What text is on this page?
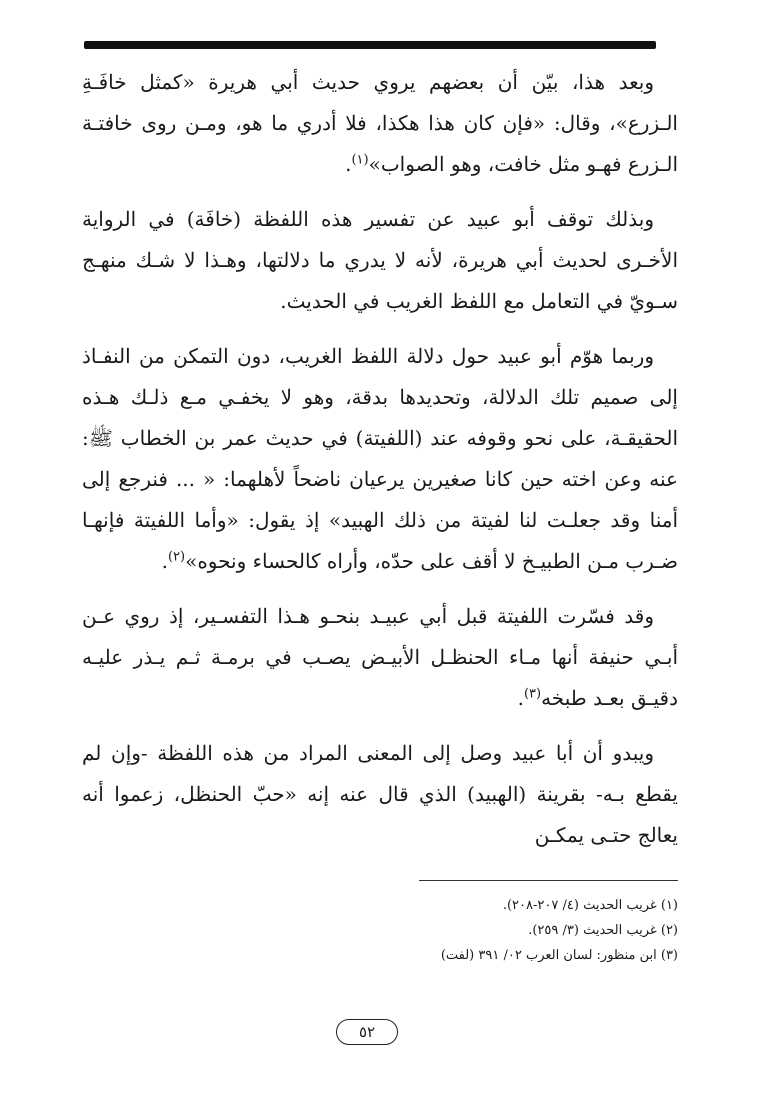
وبعد هذا، بيّن أن بعضهم يروي حديث أبي هريرة «كمثل خافَـةِ الـزرع»، وقال: «فإن كان هذا هكذا، فلا أدري ما هو، ومـن روى خافتـة الـزرع فهـو مثل خافت، وهو الصواب»$^{(١)}$.

وبذلك توقف أبو عبيد عن تفسير هذه اللفظة (خافَة) في الرواية الأخـرى لحديث أبي هريرة، لأنه لا يدري ما دلالتها، وهـذا لا شـك منهـج سـويّ في التعامل مع اللفظ الغريب في الحديث.

وربما هوّم أبو عبيد حول دلالة اللفظ الغريب، دون التمكن من النفـاذ إلى صميم تلك الدلالة، وتحديدها بدقة، وهو لا يخفـي مـع ذلـك هـذه الحقيقـة، على نحو وقوفه عند (اللفيتة) في حديث عمر بن الخطاب ﷺ: عنه وعن اخته حين كانا صغيرين يرعيان ناضحاً لأهلهما: « ... فنرجع إلى أمنا وقد جعلـت لنا لفيتة من ذلك الهبيد» إذ يقول: «وأما اللفيتة فإنهـا ضـرب مـن الطبيـخ لا أقف على حدّه، وأراه كالحساء ونحوه»$^{(٢)}$.

وقد فسّرت اللفيتة قبل أبي عبيـد بنحـو هـذا التفسـير، إذ روي عـن أبـي حنيفة أنها مـاء الحنظـل الأبيـض يصـب في برمـة ثـم يـذر عليـه دقيـق بعـد طبخه$^{(٣)}$.

ويبدو أن أبا عبيد وصل إلى المعنى المراد من هذه اللفظة -وإن لم يقطع بـه- بقرينة (الهبيد) الذي قال عنه إنه «حبّ الحنظل، زعموا أنه يعالج حتـى يمكـن

(١) غريب الحديث (٤/ ٢٠٧-٢٠٨).

(٢) غريب الحديث (٣/ ٢٥٩).

(٣) ابن منظور: لسان العرب ٠٢/ ٣٩١ (لفت)

٥٢
